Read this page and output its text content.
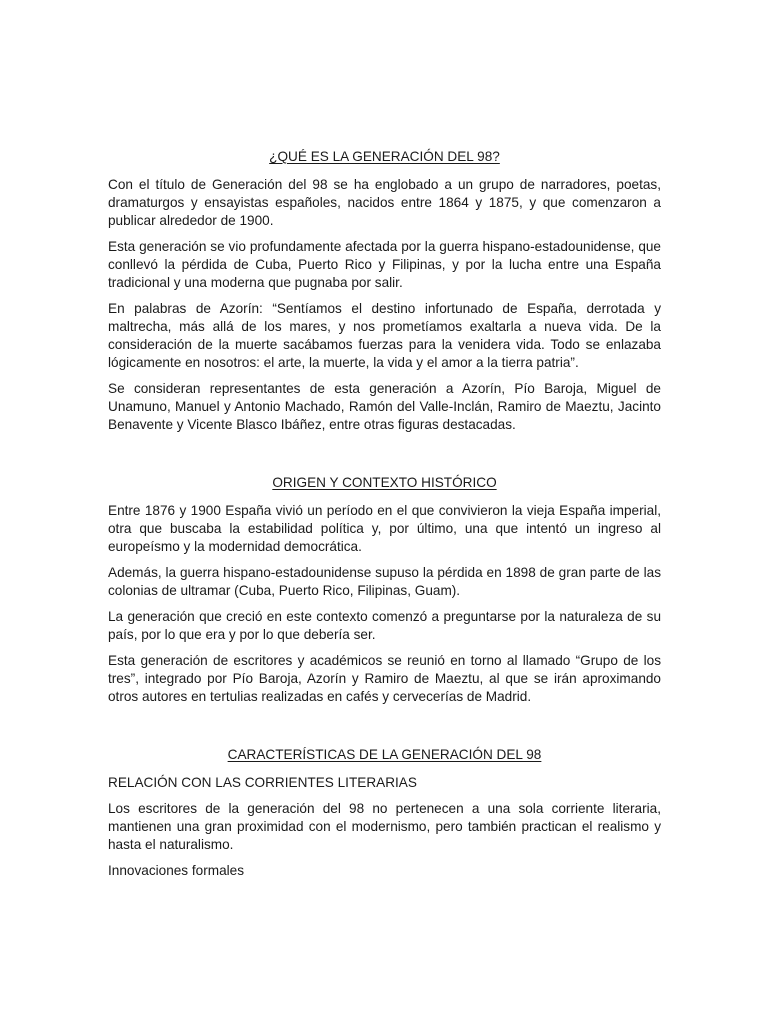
¿QUÉ ES LA GENERACIÓN DEL 98?

Con el título de Generación del 98 se ha englobado a un grupo de narradores, poetas, dramaturgos y ensayistas españoles, nacidos entre 1864 y 1875, y que comenzaron a publicar alrededor de 1900.

Esta generación se vio profundamente afectada por la guerra hispano-estadounidense, que conllevó la pérdida de Cuba, Puerto Rico y Filipinas, y por la lucha entre una España tradicional y una moderna que pugnaba por salir.

En palabras de Azorín: “Sentíamos el destino infortunado de España, derrotada y maltrecha, más allá de los mares, y nos prometíamos exaltarla a nueva vida. De la consideración de la muerte sacábamos fuerzas para la venidera vida. Todo se enlazaba lógicamente en nosotros: el arte, la muerte, la vida y el amor a la tierra patria”.

Se consideran representantes de esta generación a Azorín, Pío Baroja, Miguel de Unamuno, Manuel y Antonio Machado, Ramón del Valle-Inclán, Ramiro de Maeztu, Jacinto Benavente y Vicente Blasco Ibáñez, entre otras figuras destacadas.

ORIGEN Y CONTEXTO HISTÓRICO

Entre 1876 y 1900 España vivió un período en el que convivieron la vieja España imperial, otra que buscaba la estabilidad política y, por último, una que intentó un ingreso al europeísmo y la modernidad democrática.

Además, la guerra hispano-estadounidense supuso la pérdida en 1898 de gran parte de las colonias de ultramar (Cuba, Puerto Rico, Filipinas, Guam).

La generación que creció en este contexto comenzó a preguntarse por la naturaleza de su país, por lo que era y por lo que debería ser.

Esta generación de escritores y académicos se reunió en torno al llamado “Grupo de los tres”, integrado por Pío Baroja, Azorín y Ramiro de Maeztu, al que se irán aproximando otros autores en tertulias realizadas en cafés y cervecerías de Madrid.

CARACTERÍSTICAS DE LA GENERACIÓN DEL 98
RELACIÓN CON LAS CORRIENTES LITERARIAS

Los escritores de la generación del 98 no pertenecen a una sola corriente literaria, mantienen una gran proximidad con el modernismo, pero también practican el realismo y hasta el naturalismo.

Innovaciones formales
